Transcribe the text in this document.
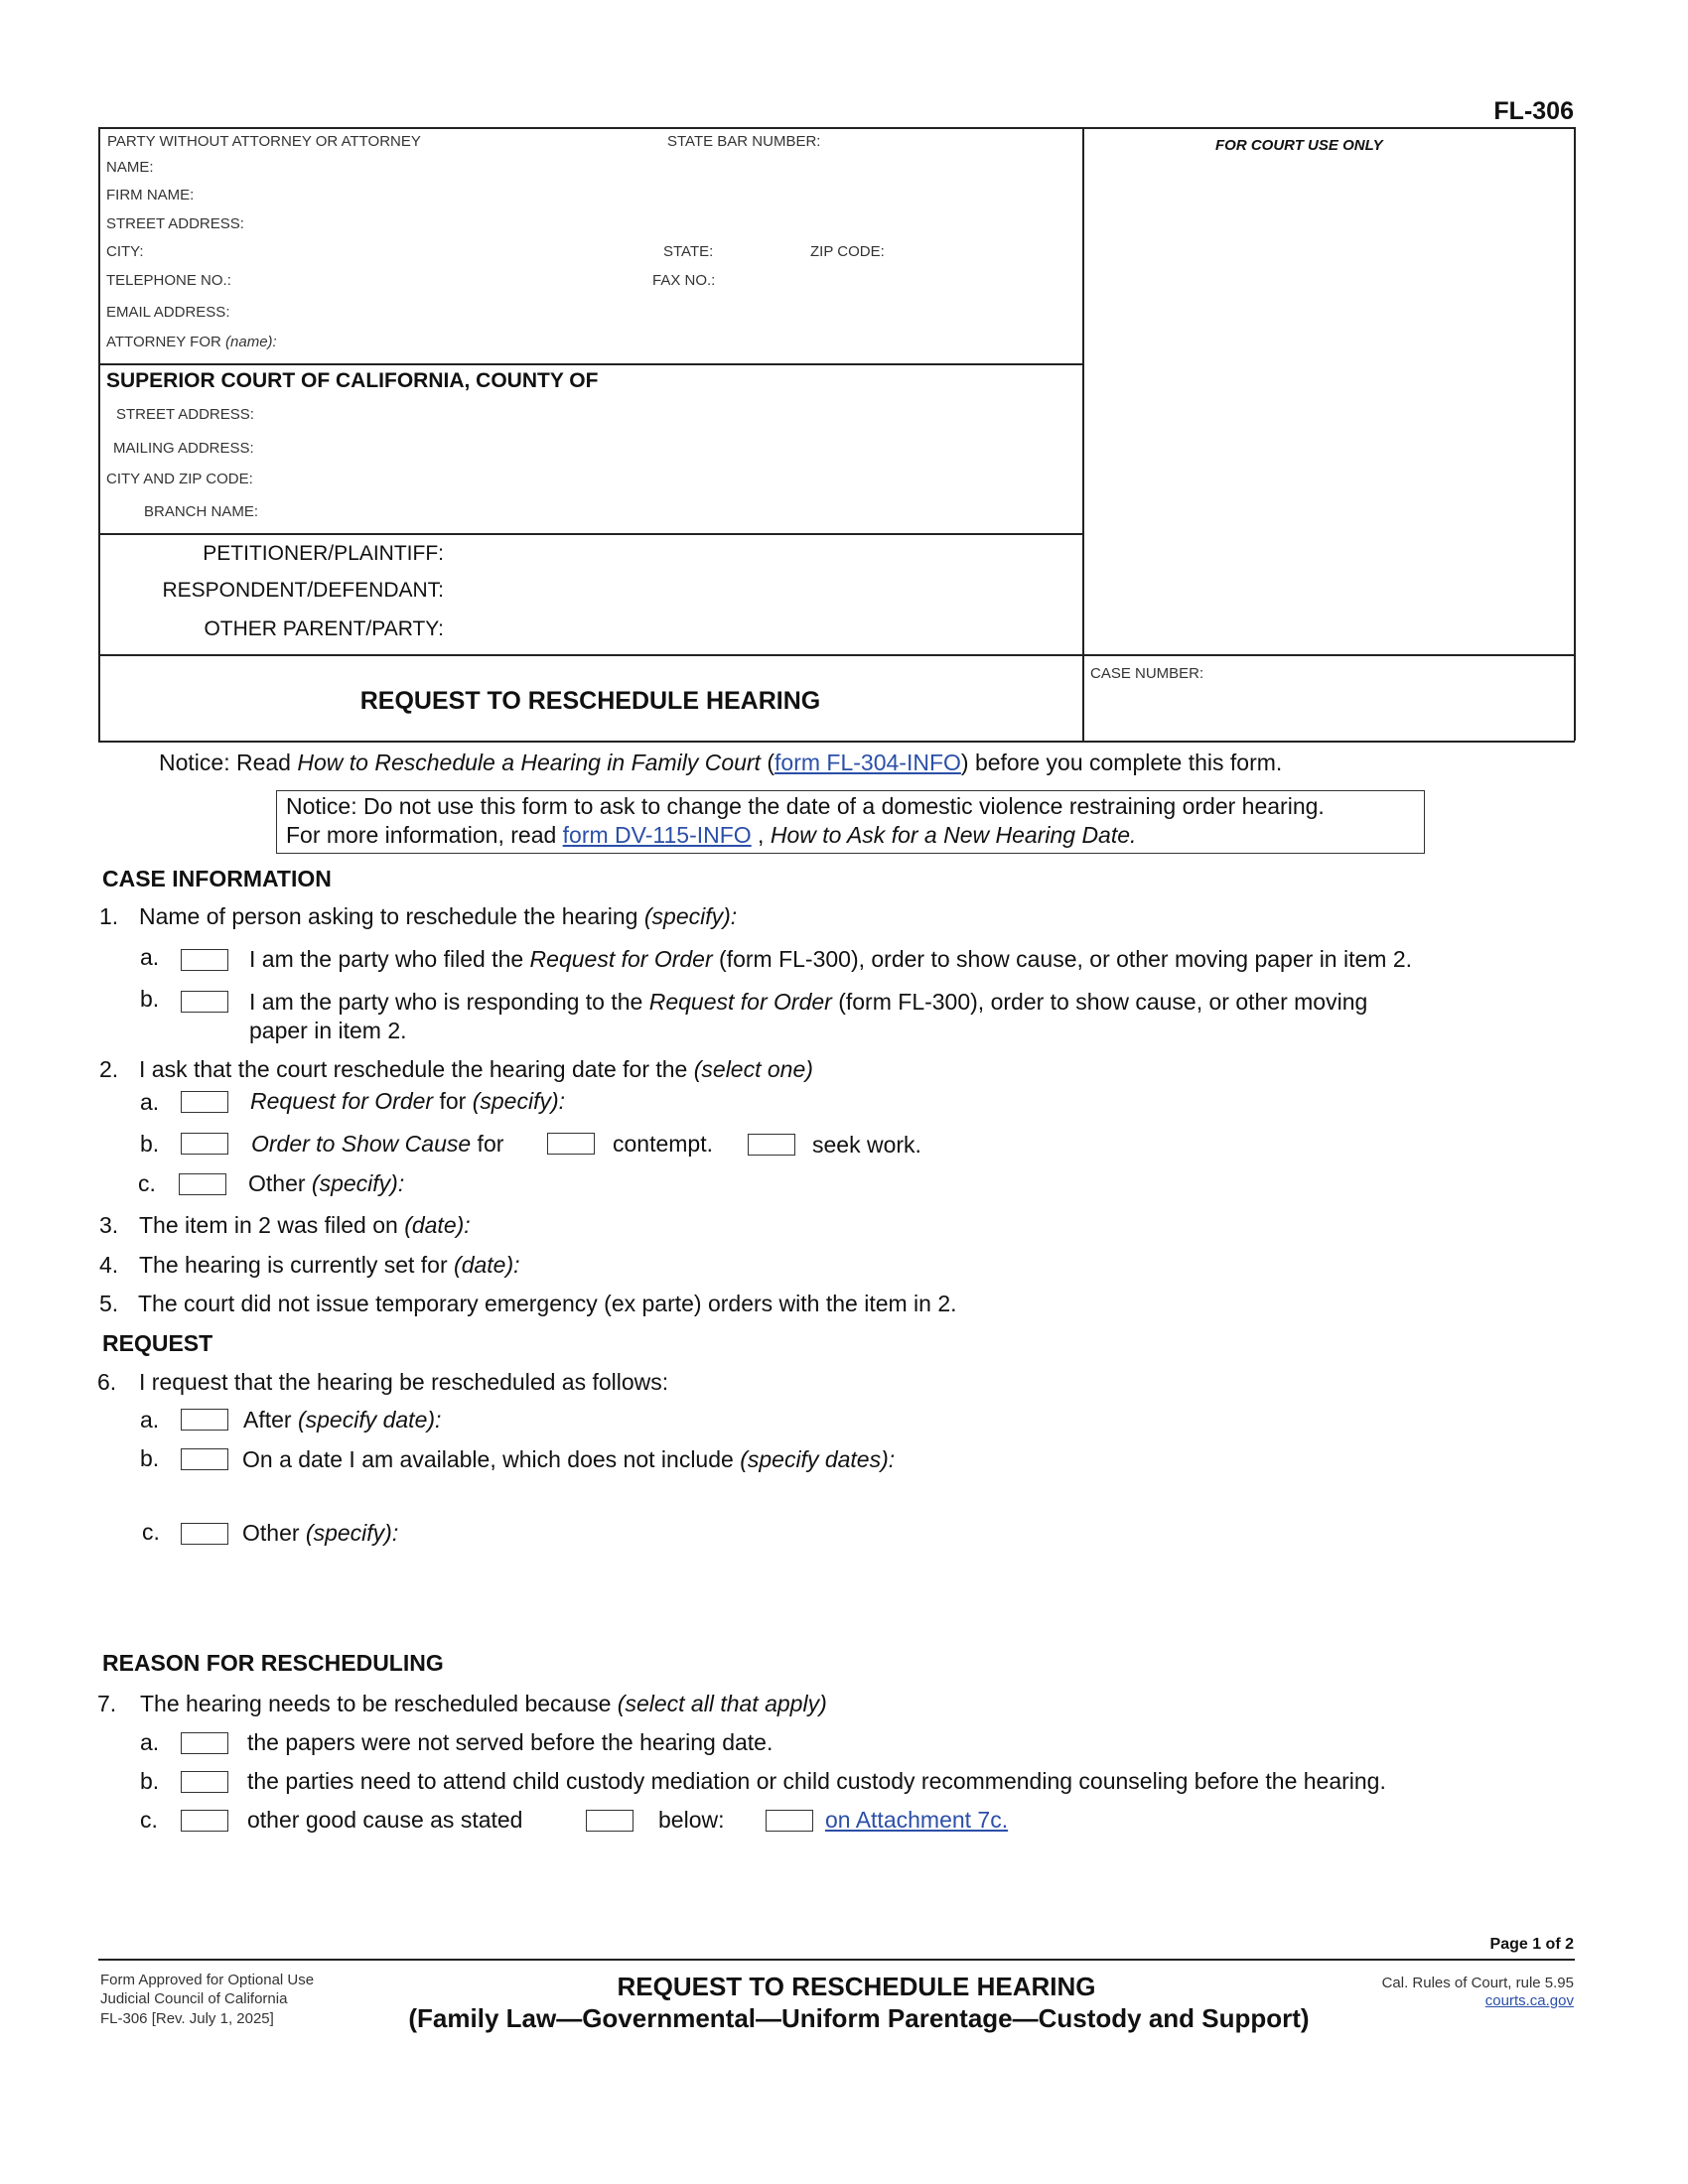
FL-306
PARTY WITHOUT ATTORNEY OR ATTORNEY	STATE BAR NUMBER:
NAME:
FIRM NAME:
STREET ADDRESS:
CITY:	STATE:	ZIP CODE:
TELEPHONE NO.:	FAX NO.:
EMAIL ADDRESS:
ATTORNEY FOR (name):
FOR COURT USE ONLY
SUPERIOR COURT OF CALIFORNIA, COUNTY OF
STREET ADDRESS:
MAILING ADDRESS:
CITY AND ZIP CODE:
BRANCH NAME:
PETITIONER/PLAINTIFF:
RESPONDENT/DEFENDANT:
OTHER PARENT/PARTY:
REQUEST TO RESCHEDULE HEARING
CASE NUMBER:
Notice: Read How to Reschedule a Hearing in Family Court (form FL-304-INFO) before you complete this form.
Notice: Do not use this form to ask to change the date of a domestic violence restraining order hearing.
For more information, read form DV-115-INFO , How to Ask for a New Hearing Date.
CASE INFORMATION
1. Name of person asking to reschedule the hearing (specify):
a.	I am the party who filed the Request for Order (form FL-300), order to show cause, or other moving paper in item 2.
b.	I am the party who is responding to the Request for Order (form FL-300), order to show cause, or other moving
paper in item 2.
2. I ask that the court reschedule the hearing date for the (select one)
a.	Request for Order for (specify):
b.	Order to Show Cause for	contempt.	seek work.
c.	Other (specify):
3. The item in 2 was filed on (date):
4. The hearing is currently set for (date):
5. The court did not issue temporary emergency (ex parte) orders with the item in 2.
REQUEST
6. I request that the hearing be rescheduled as follows:
a.	After (specify date):
b.	On a date I am available, which does not include (specify dates):
c.	Other (specify):
REASON FOR RESCHEDULING
7. The hearing needs to be rescheduled because (select all that apply)
a.	the papers were not served before the hearing date.
b.	the parties need to attend child custody mediation or child custody recommending counseling before the hearing.
c.	other good cause as stated	below:	on Attachment 7c.
Page 1 of 2
Form Approved for Optional Use
Judicial Council of California
FL-306 [Rev. July 1, 2025]
REQUEST TO RESCHEDULE HEARING
(Family Law—Governmental—Uniform Parentage—Custody and Support)
Cal. Rules of Court, rule 5.95
courts.ca.gov
